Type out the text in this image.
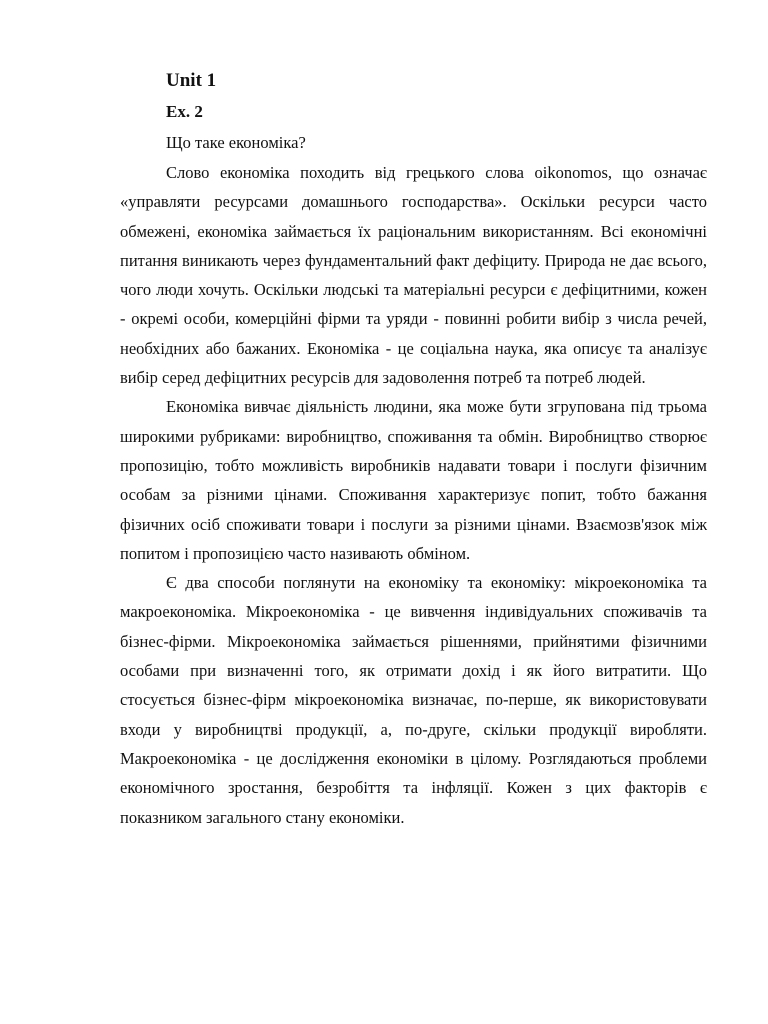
Unit 1
Ex. 2
Що таке економіка?

Слово економіка походить від грецького слова oikonomos, що означає «управляти ресурсами домашнього господарства». Оскільки ресурси часто обмежені, економіка займається їх раціональним використанням. Всі економічні питання виникають через фундаментальний факт дефіциту. Природа не дає всього, чого люди хочуть. Оскільки людські та матеріальні ресурси є дефіцитними, кожен - окремі особи, комерційні фірми та уряди - повинні робити вибір з числа речей, необхідних або бажаних. Економіка - це соціальна наука, яка описує та аналізує вибір серед дефіцитних ресурсів для задоволення потреб та потреб людей.

Економіка вивчає діяльність людини, яка може бути згрупована під трьома широкими рубриками: виробництво, споживання та обмін. Виробництво створює пропозицію, тобто можливість виробників надавати товари і послуги фізичним особам за різними цінами. Споживання характеризує попит, тобто бажання фізичних осіб споживати товари і послуги за різними цінами. Взаємозв'язок між попитом і пропозицією часто називають обміном.

Є два способи поглянути на економіку та економіку: мікроекономіка та макроекономіка. Мікроекономіка - це вивчення індивідуальних споживачів та бізнес-фірми. Мікроекономіка займається рішеннями, прийнятими фізичними особами при визначенні того, як отримати дохід і як його витратити. Що стосується бізнес-фірм мікроекономіка визначає, по-перше, як використовувати входи у виробництві продукції, а, по-друге, скільки продукції виробляти. Макроекономіка - це дослідження економіки в цілому. Розглядаються проблеми економічного зростання, безробіття та інфляції. Кожен з цих факторів є показником загального стану економіки.
